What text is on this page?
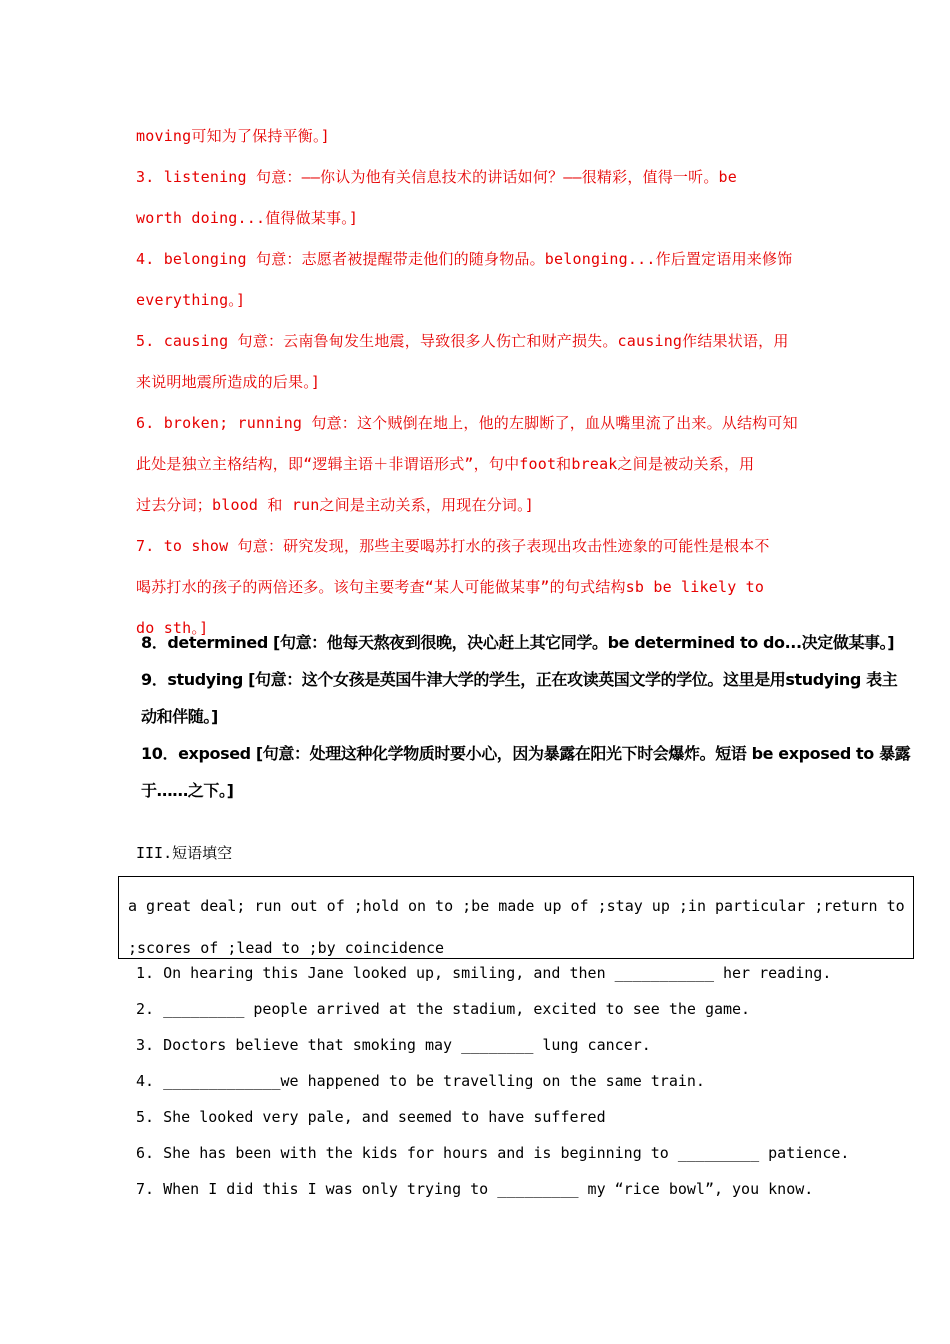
moving可知为了保持平衡。]
3. listening 句意：——你认为他有关信息技术的讲话如何？——很精彩，值得一听。be
worth doing...值得做某事。]
4. belonging 句意：志愿者被提醒带走他们的随身物品。belonging...作后置定语用来修饰
everything。]
5. causing 句意：云南鲁甸发生地震，导致很多人伤亡和财产损失。causing作结果状语，用
来说明地震所造成的后果。]
6. broken; running 句意：这个贼倒在地上，他的左脚断了，血从嘴里流了出来。从结构可知
此处是独立主格结构，即“逻辑主语＋非谓语形式”，句中foot和break之间是被动关系，用
过去分词；blood 和 run之间是主动关系，用现在分词。]
7. to show 句意：研究发现，那些主要喝苏打水的孩子表现出攻击性迹象的可能性是根本不
喝苏打水的孩子的两倍还多。该句主要考查“某人可能做某事”的句式结构sb be likely to
do sth。]
8．determined [句意：他每天熬夜到很晚，决心赶上其它同学。be determined to do...决定做某事。]
9．studying [句意：这个女孩是英国牛津大学的学生，正在攻读英国文学的学位。这里是用studying 表主
动和伴随。]
10．exposed [句意：处理这种化学物质时要小心，因为暴露在阳光下时会爆炸。短语 be exposed to 暴露
于……之下。]
III.短语填空
a great deal; run out of ;hold on to ;be made up of ;stay up ;in particular ;return to
;scores of ;lead to ;by coincidence
1. On hearing this Jane looked up, smiling, and then ___________ her reading.
2. _________ people arrived at the stadium, excited to see the game.
3. Doctors believe that smoking may ________ lung cancer.
4. _____________we happened to be travelling on the same train.
5. She looked very pale, and seemed to have suffered
6. She has been with the kids for hours and is beginning to _________ patience.
7. When I did this I was only trying to _________ my “rice bowl”, you know.
